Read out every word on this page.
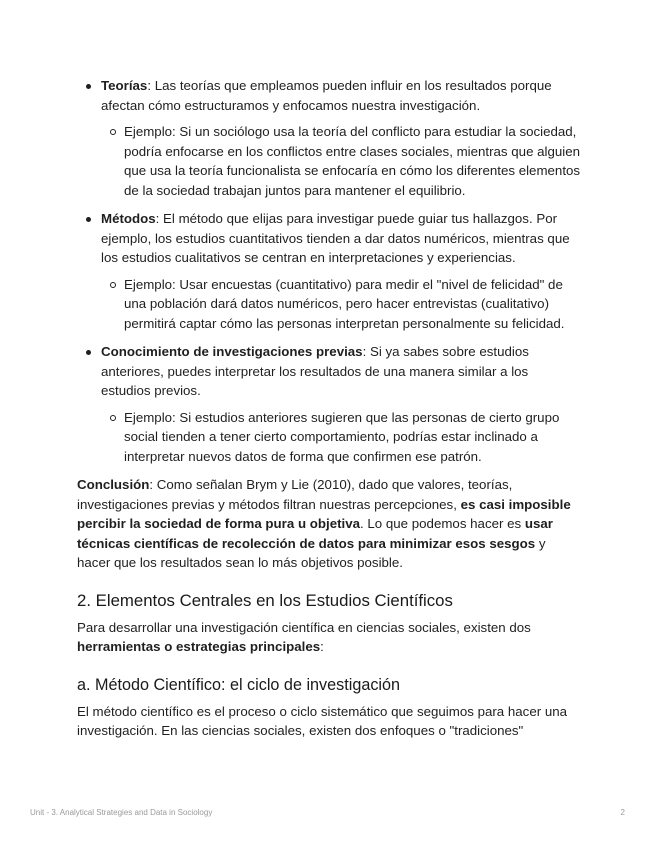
Teorías: Las teorías que empleamos pueden influir en los resultados porque afectan cómo estructuramos y enfocamos nuestra investigación.
Ejemplo: Si un sociólogo usa la teoría del conflicto para estudiar la sociedad, podría enfocarse en los conflictos entre clases sociales, mientras que alguien que usa la teoría funcionalista se enfocaría en cómo los diferentes elementos de la sociedad trabajan juntos para mantener el equilibrio.
Métodos: El método que elijas para investigar puede guiar tus hallazgos. Por ejemplo, los estudios cuantitativos tienden a dar datos numéricos, mientras que los estudios cualitativos se centran en interpretaciones y experiencias.
Ejemplo: Usar encuestas (cuantitativo) para medir el "nivel de felicidad" de una población dará datos numéricos, pero hacer entrevistas (cualitativo) permitirá captar cómo las personas interpretan personalmente su felicidad.
Conocimiento de investigaciones previas: Si ya sabes sobre estudios anteriores, puedes interpretar los resultados de una manera similar a los estudios previos.
Ejemplo: Si estudios anteriores sugieren que las personas de cierto grupo social tienden a tener cierto comportamiento, podrías estar inclinado a interpretar nuevos datos de forma que confirmen ese patrón.

Conclusión: Como señalan Brym y Lie (2010), dado que valores, teorías, investigaciones previas y métodos filtran nuestras percepciones, es casi imposible percibir la sociedad de forma pura u objetiva. Lo que podemos hacer es usar técnicas científicas de recolección de datos para minimizar esos sesgos y hacer que los resultados sean lo más objetivos posible.

2. Elementos Centrales en los Estudios Científicos

Para desarrollar una investigación científica en ciencias sociales, existen dos herramientas o estrategias principales:

a. Método Científico: el ciclo de investigación

El método científico es el proceso o ciclo sistemático que seguimos para hacer una investigación. En las ciencias sociales, existen dos enfoques o "tradiciones"

Unit - 3. Analytical Strategies and Data in Sociology	2
